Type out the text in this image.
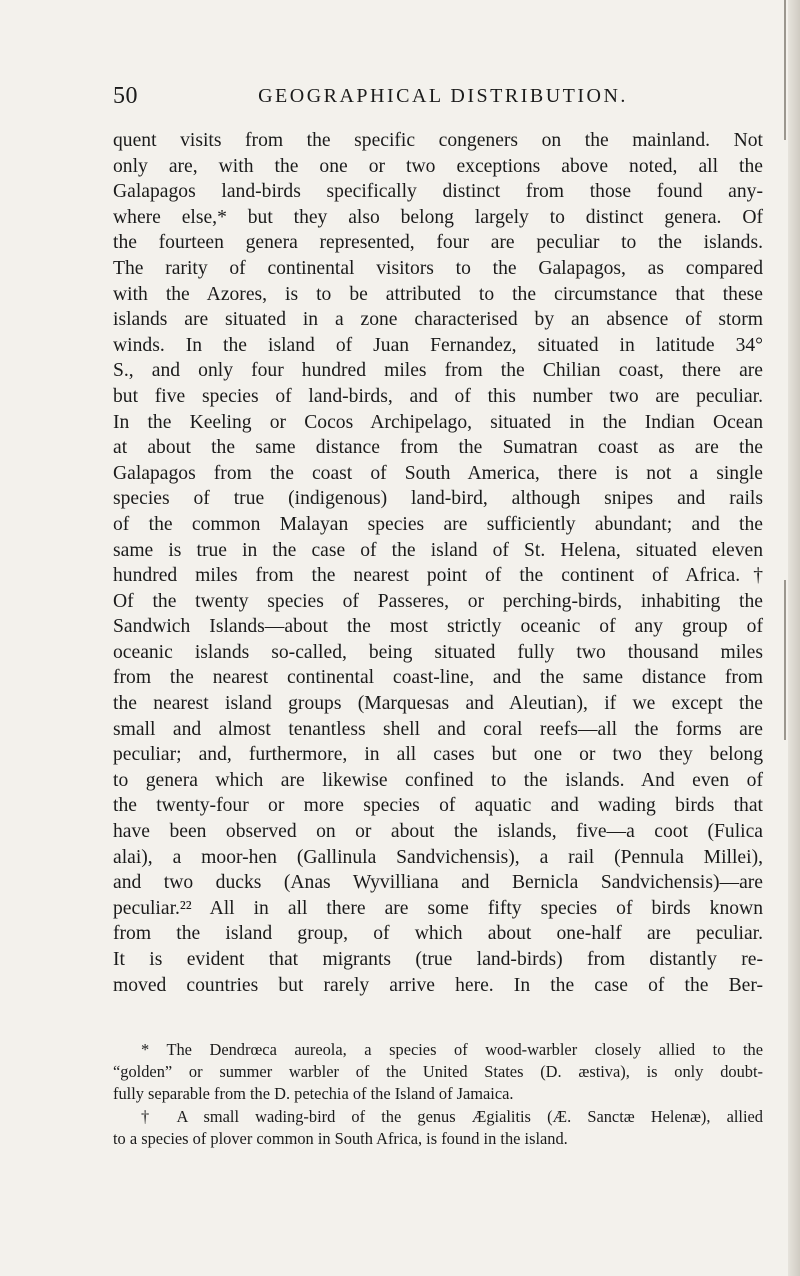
50	GEOGRAPHICAL DISTRIBUTION.
quent visits from the specific congeners on the mainland. Not
only are, with the one or two exceptions above noted, all the
Galapagos land-birds specifically distinct from those found any-
where else,* but they also belong largely to distinct genera. Of
the fourteen genera represented, four are peculiar to the islands.
The rarity of continental visitors to the Galapagos, as compared
with the Azores, is to be attributed to the circumstance that these
islands are situated in a zone characterised by an absence of storm
winds. In the island of Juan Fernandez, situated in latitude 34°
S., and only four hundred miles from the Chilian coast, there are
but five species of land-birds, and of this number two are peculiar.
In the Keeling or Cocos Archipelago, situated in the Indian Ocean
at about the same distance from the Sumatran coast as are the
Galapagos from the coast of South America, there is not a single
species of true (indigenous) land-bird, although snipes and rails
of the common Malayan species are sufficiently abundant; and the
same is true in the case of the island of St. Helena, situated eleven
hundred miles from the nearest point of the continent of Africa.†
Of the twenty species of Passeres, or perching-birds, inhabiting the
Sandwich Islands—about the most strictly oceanic of any group of
oceanic islands so-called, being situated fully two thousand miles
from the nearest continental coast-line, and the same distance from
the nearest island groups (Marquesas and Aleutian), if we except the
small and almost tenantless shell and coral reefs—all the forms are
peculiar; and, furthermore, in all cases but one or two they belong
to genera which are likewise confined to the islands. And even of
the twenty-four or more species of aquatic and wading birds that
have been observed on or about the islands, five—a coot (Fulica
alai), a moor-hen (Gallinula Sandvichensis), a rail (Pennula Millei),
and two ducks (Anas Wyvilliana and Bernicla Sandvichensis)—are
peculiar.²² All in all there are some fifty species of birds known
from the island group, of which about one-half are peculiar.
It is evident that migrants (true land-birds) from distantly re-
moved countries but rarely arrive here. In the case of the Ber-
* The Dendrœca aureola, a species of wood-warbler closely allied to the
“golden” or summer warbler of the United States (D. æstiva), is only doubt-
fully separable from the D. petechia of the Island of Jamaica.
† A small wading-bird of the genus Ægialitis (Æ. Sanctæ Helenæ), allied
to a species of plover common in South Africa, is found in the island.
